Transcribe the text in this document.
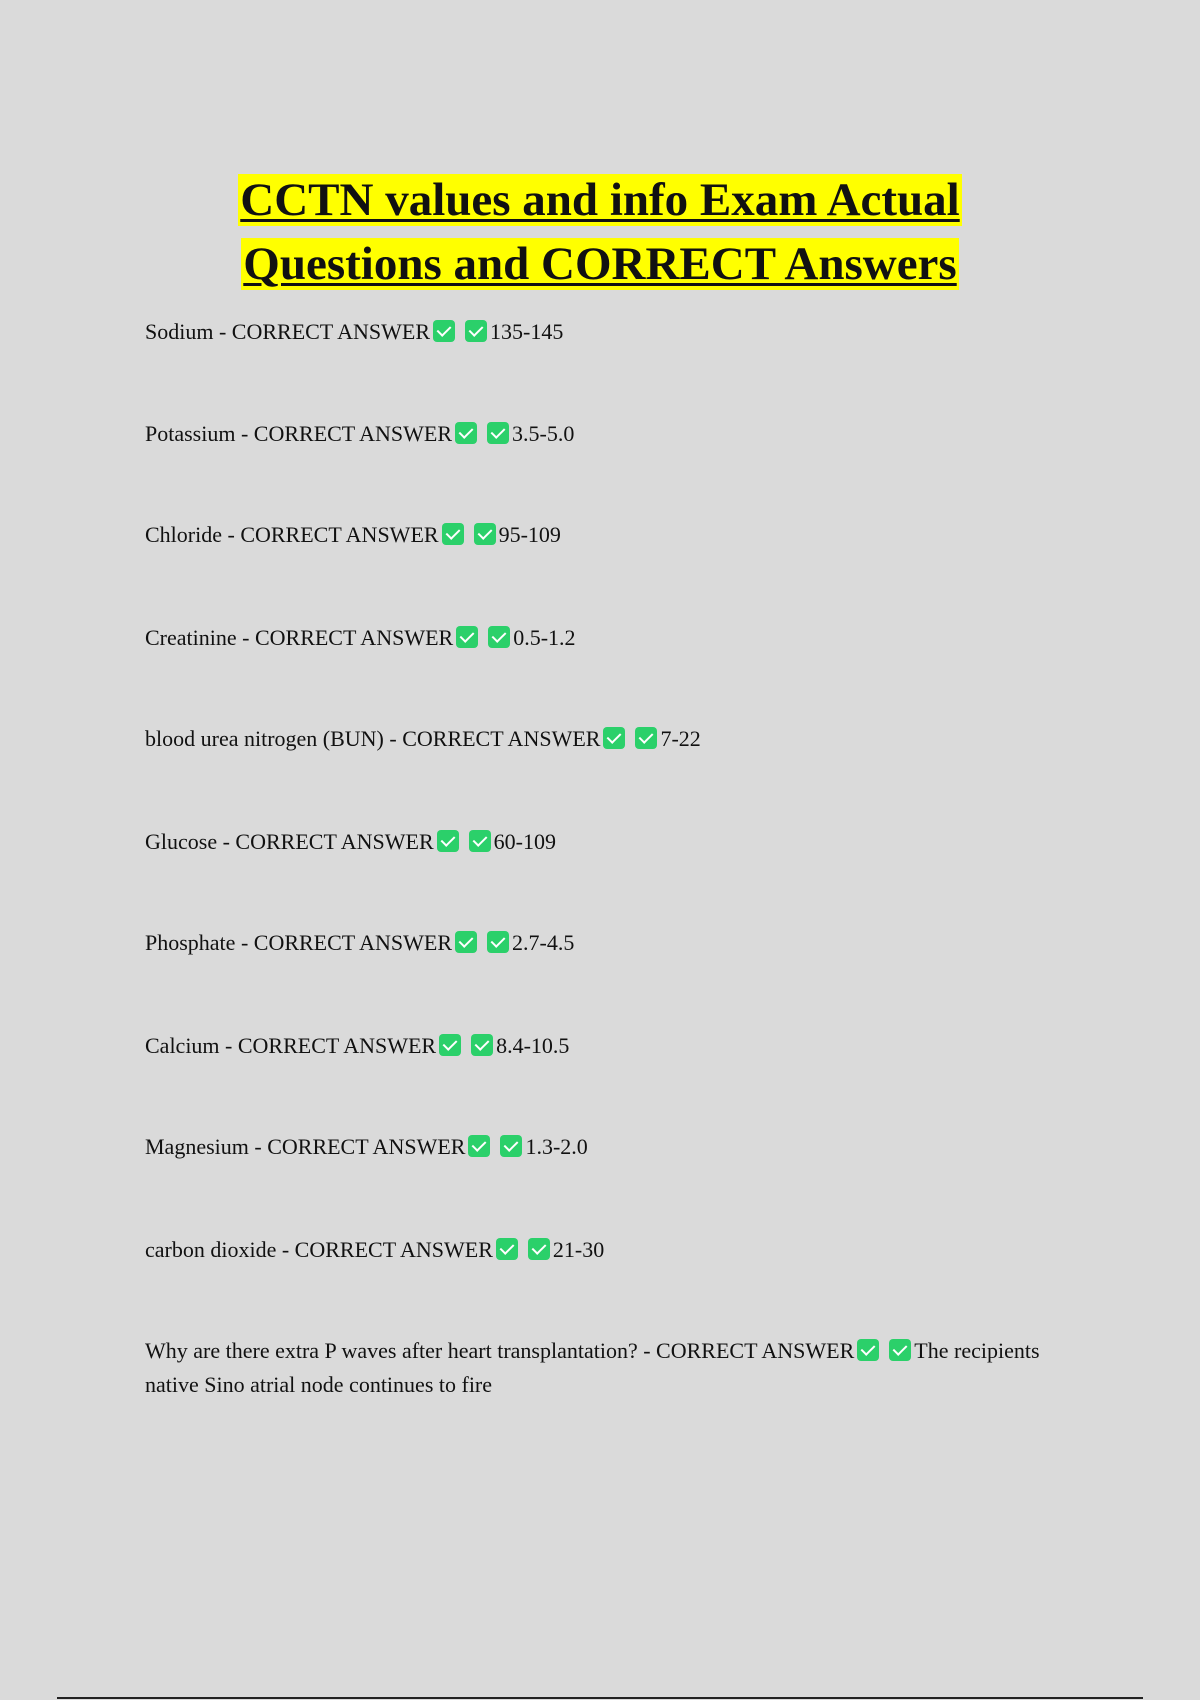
CCTN values and info Exam Actual
Questions and CORRECT Answers

Sodium - CORRECT ANSWER	135-145

Potassium - CORRECT ANSWER	3.5-5.0

Chloride - CORRECT ANSWER	95-109

Creatinine - CORRECT ANSWER	0.5-1.2

blood urea nitrogen (BUN) - CORRECT ANSWER	7-22

Glucose - CORRECT ANSWER	60-109

Phosphate - CORRECT ANSWER	2.7-4.5

Calcium - CORRECT ANSWER	8.4-10.5

Magnesium - CORRECT ANSWER	1.3-2.0

carbon dioxide - CORRECT ANSWER	21-30

Why are there extra P waves after heart transplantation? - CORRECT ANSWER	The recipients native Sino atrial node continues to fire
